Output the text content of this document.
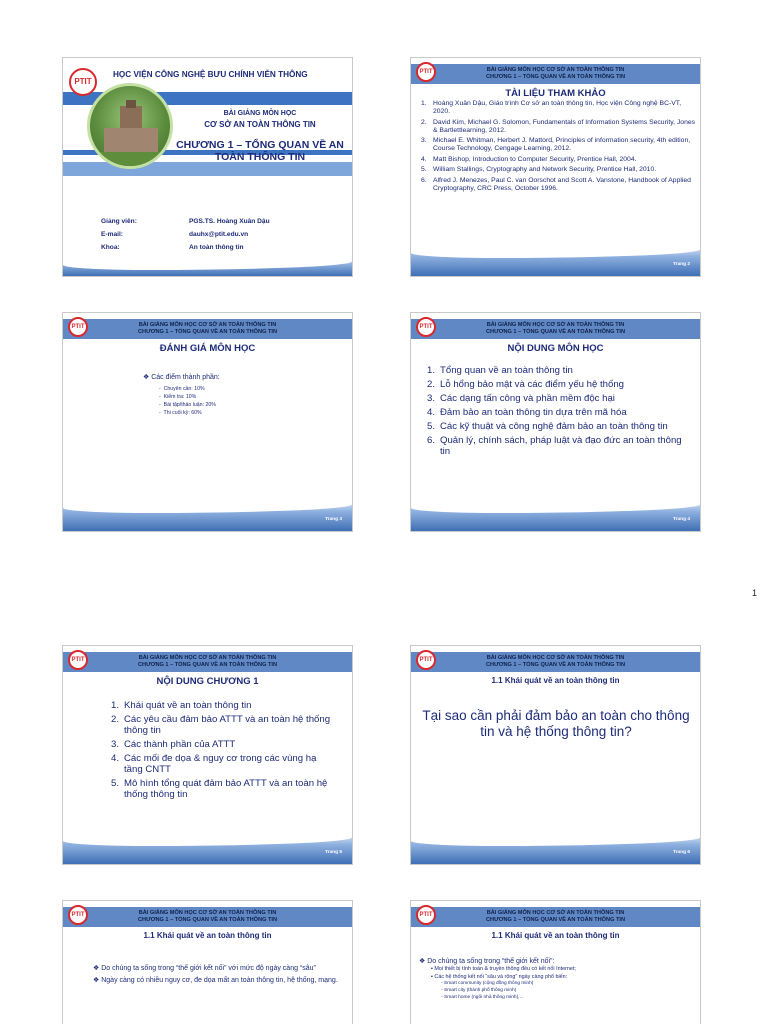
PTIT
HỌC VIỆN CÔNG NGHỆ BƯU CHÍNH VIỄN THÔNG
BÀI GIẢNG MÔN HỌC
CƠ SỞ AN TOÀN THÔNG TIN
CHƯƠNG 1 – TỔNG QUAN VỀ AN TOÀN THÔNG TIN
Giảng viên:	PGS.TS. Hoàng Xuân Dậu
E-mail:	dauhx@ptit.edu.vn
Khoa:	An toàn thông tin
PTIT	BÀI GIẢNG MÔN HỌC CƠ SỞ AN TOÀN THÔNG TIN
CHƯƠNG 1 – TỔNG QUAN VỀ AN TOÀN THÔNG TIN
TÀI LIỆU THAM KHẢO
1. Hoàng Xuân Dậu, Giáo trình Cơ sở an toàn thông tin, Học viện Công nghệ BC-VT, 2020.
2. David Kim, Michael G. Solomon, Fundamentals of Information Systems Security, Jones & Bartlettlearning, 2012.
3. Michael E. Whitman, Herbert J. Mattord, Principles of information security, 4th edition, Course Technology, Cengage Learning, 2012.
4. Matt Bishop, Introduction to Computer Security, Prentice Hall, 2004.
5. William Stallings, Cryptography and Network Security, Prentice Hall, 2010.
6. Alfred J. Menezes, Paul C. van Oorschot and Scott A. Vanstone, Handbook of Applied Cryptography, CRC Press, October 1996.
Trang 2
PTIT	BÀI GIẢNG MÔN HỌC CƠ SỞ AN TOÀN THÔNG TIN
CHƯƠNG 1 – TỔNG QUAN VỀ AN TOÀN THÔNG TIN
ĐÁNH GIÁ MÔN HỌC
❖ Các điểm thành phần:
-  Chuyên cần: 10%
-  Kiểm tra: 10%
-  Bài tập/thảo luận: 20%
-  Thi cuối kỳ: 60%
Trang 3
PTIT	BÀI GIẢNG MÔN HỌC CƠ SỞ AN TOÀN THÔNG TIN
CHƯƠNG 1 – TỔNG QUAN VỀ AN TOÀN THÔNG TIN
NỘI DUNG MÔN HỌC
1. Tổng quan về an toàn thông tin
2. Lỗ hổng bảo mật và các điểm yếu hệ thống
3. Các dạng tấn công và phần mềm độc hại
4. Đảm bảo an toàn thông tin dựa trên mã hóa
5. Các kỹ thuật và công nghệ đảm bảo an toàn thông tin
6. Quản lý, chính sách, pháp luật và đạo đức an toàn thông tin
Trang 4
1
PTIT	BÀI GIẢNG MÔN HỌC CƠ SỞ AN TOÀN THÔNG TIN
CHƯƠNG 1 – TỔNG QUAN VỀ AN TOÀN THÔNG TIN
NỘI DUNG CHƯƠNG 1
1. Khái quát về an toàn thông tin
2. Các yêu cầu đảm bảo ATTT và an toàn hệ thống thông tin
3. Các thành phần của ATTT
4. Các mối đe dọa & nguy cơ trong các vùng hạ tầng CNTT
5. Mô hình tổng quát đảm bảo ATTT và an toàn hệ thống thông tin
Trang 5
PTIT	BÀI GIẢNG MÔN HỌC CƠ SỞ AN TOÀN THÔNG TIN
CHƯƠNG 1 – TỔNG QUAN VỀ AN TOÀN THÔNG TIN
1.1 Khái quát về an toàn thông tin
Tại sao cần phải đảm bảo an toàn cho thông tin và hệ thống thông tin?
Trang 6
PTIT	BÀI GIẢNG MÔN HỌC CƠ SỞ AN TOÀN THÔNG TIN
CHƯƠNG 1 – TỔNG QUAN VỀ AN TOÀN THÔNG TIN
1.1 Khái quát về an toàn thông tin
❖ Do chúng ta sống trong “thế giới kết nối” với mức độ ngày càng “sâu”
❖ Ngày càng có nhiều nguy cơ, đe dọa mất an toàn thông tin, hệ thống, mạng.
PTIT	BÀI GIẢNG MÔN HỌC CƠ SỞ AN TOÀN THÔNG TIN
CHƯƠNG 1 – TỔNG QUAN VỀ AN TOÀN THÔNG TIN
1.1 Khái quát về an toàn thông tin
❖ Do chúng ta sống trong “thế giới kết nối”:
▪ Mọi thiết bị tính toán & truyền thông đều có kết nối Internet;
▪ Các hệ thống kết nối “sâu và rộng” ngày càng phổ biến:
◦ Smart community (cộng đồng thông minh)
◦ Smart city (thành phố thông minh)
◦ Smart home (ngôi nhà thông minh),...
